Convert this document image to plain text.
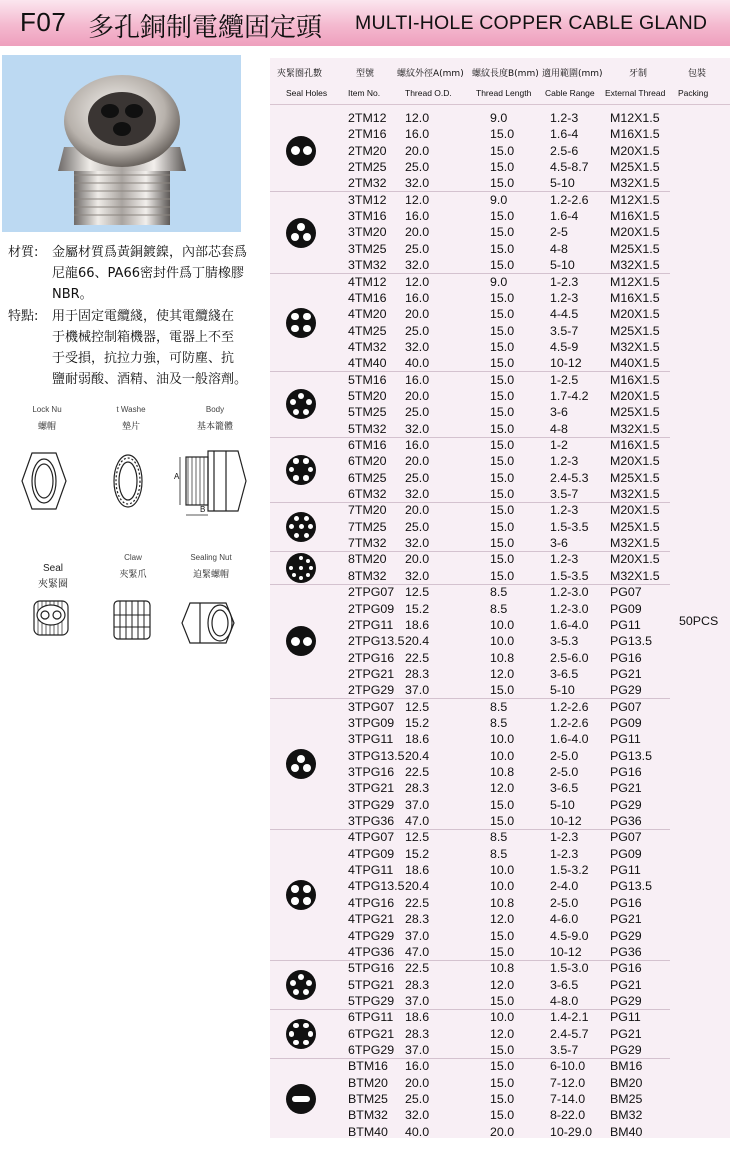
F07 多孔銅制電纜固定頭 MULTI-HOLE COPPER CABLE GLAND
材質: 金屬材質爲黃銅鍍鎳，內部芯套爲
尼龍66、PA66密封件爲丁腈橡膠
NBR。
特點: 用于固定電纜綫，使其電纜綫在
于機械控制箱機器，電器上不至
于受損，抗拉力強，可防塵、抗
鹽耐弱酸、酒精、油及一般溶劑。
Lock Nu
螺帽
t Washe
墊片
Body
基本籠體
A
B
Seal
夾緊圈
Claw
夾緊爪
Sealing Nut
迫緊螺帽
夾緊圈孔數	型號	螺紋外徑A(mm) 螺紋長度B(mm) 適用範圍(mm)	牙制	包裝
Seal Holes Item No.	Thread O.D.	Thread Length Cable Range External Thread Packing
2TM12 12.0	9.0	1.2-3	M12X1.5
2TM16 16.0	15.0	1.6-4	M16X1.5
2TM20 20.0	15.0	2.5-6	M20X1.5
2TM25 25.0	15.0	4.5-8.7 M25X1.5
2TM32 32.0	15.0	5-10	M32X1.5
3TM12 12.0	9.0	1.2-2.6 M12X1.5
3TM16 16.0	15.0	1.6-4	M16X1.5
3TM20 20.0	15.0	2-5	M20X1.5
3TM25 25.0	15.0	4-8	M25X1.5
3TM32 32.0	15.0	5-10	M32X1.5
4TM12 12.0	9.0	1-2.3	M12X1.5
4TM16 16.0	15.0	1.2-3	M16X1.5
4TM20 20.0	15.0	4-4.5	M20X1.5
4TM25 25.0	15.0	3.5-7	M25X1.5
4TM32 32.0	15.0	4.5-9	M32X1.5
4TM40 40.0	15.0	10-12 M40X1.5
5TM16 16.0	15.0	1-2.5	M16X1.5
5TM20 20.0	15.0	1.7-4.2 M20X1.5
5TM25 25.0	15.0	3-6	M25X1.5
5TM32 32.0	15.0	4-8	M32X1.5
6TM16 16.0	15.0	1-2	M16X1.5
6TM20 20.0	15.0	1.2-3	M20X1.5
6TM25 25.0	15.0	2.4-5.3 M25X1.5
6TM32 32.0	15.0	3.5-7	M32X1.5
7TM20 20.0	15.0	1.2-3	M20X1.5
7TM25 25.0	15.0	1.5-3.5 M25X1.5
7TM32 32.0	15.0	3-6	M32X1.5
8TM20 20.0	15.0	1.2-3	M20X1.5
8TM32 32.0	15.0	1.5-3.5 M32X1.5
2TPG07 12.5	8.5	1.2-3.0 PG07
2TPG09 15.2	8.5	1.2-3.0 PG09
2TPG11 18.6	10.0	1.6-4.0 PG11
2TPG13.5 20.4	10.0	3-5.3	PG13.5
2TPG16 22.5	10.8	2.5-6.0 PG16
2TPG21 28.3	12.0	3-6.5	PG21
2TPG29 37.0	15.0	5-10	PG29
3TPG07 12.5	8.5	1.2-2.6 PG07
3TPG09 15.2	8.5	1.2-2.6 PG09
3TPG11 18.6	10.0	1.6-4.0 PG11
3TPG13.5 20.4	10.0	2-5.0	PG13.5
3TPG16 22.5	10.8	2-5.0	PG16
3TPG21 28.3	12.0	3-6.5	PG21
3TPG29 37.0	15.0	5-10	PG29
3TPG36 47.0	15.0	10-12 PG36
4TPG07 12.5	8.5	1-2.3	PG07
4TPG09 15.2	8.5	1-2.3	PG09
4TPG11 18.6	10.0	1.5-3.2 PG11
4TPG13.5 20.4	10.0	2-4.0	PG13.5
4TPG16 22.5	10.8	2-5.0	PG16
4TPG21 28.3	12.0	4-6.0	PG21
4TPG29 37.0	15.0	4.5-9.0 PG29
4TPG36 47.0	15.0	10-12 PG36
5TPG16 22.5	10.8	1.5-3.0 PG16
5TPG21 28.3	12.0	3-6.5	PG21
5TPG29 37.0	15.0	4-8.0	PG29
6TPG11 18.6	10.0	1.4-2.1 PG11
6TPG21 28.3	12.0	2.4-5.7 PG21
6TPG29 37.0	15.0	3.5-7	PG29
BTM16 16.0	15.0	6-10.0 BM16
BTM20 20.0	15.0	7-12.0 BM20
BTM25 25.0	15.0	7-14.0 BM25
BTM32 32.0	15.0	8-22.0 BM32
BTM40 40.0	20.0	10-29.0 BM40
50PCS
